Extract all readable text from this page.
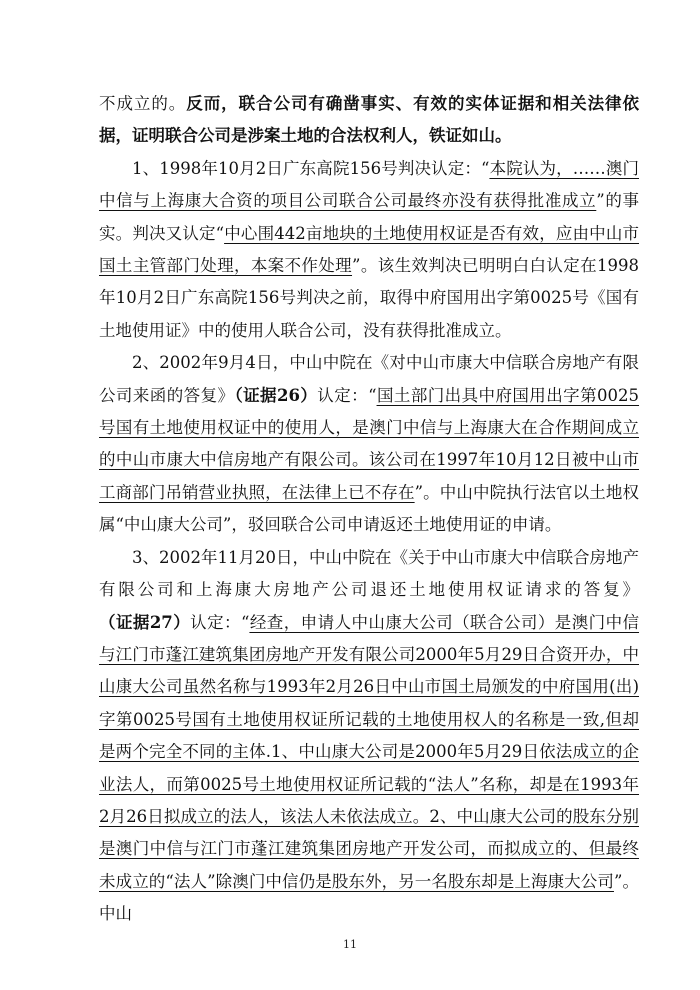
不成立的。反而，联合公司有确凿事实、有效的实体证据和相关法律依据，证明联合公司是涉案土地的合法权利人，铁证如山。

1、1998年10月2日广东高院156号判决认定：“本院认为，……澳门中信与上海康大合资的项目公司联合公司最终亦没有获得批准成立”的事实。判决又认定“中心围442亩地块的土地使用权证是否有效，应由中山市国土主管部门处理，本案不作处理”。该生效判决已明明白白认定在1998年10月2日广东高院156号判决之前，取得中府国用出字第0025号《国有土地使用证》中的使用人联合公司，没有获得批准成立。

2、2002年9月4日，中山中院在《对中山市康大中信联合房地产有限公司来函的答复》（证据26）认定：“国土部门出具中府国用出字第0025号国有土地使用权证中的使用人，是澳门中信与上海康大在合作期间成立的中山市康大中信房地产有限公司。该公司在1997年10月12日被中山市工商部门吊销营业执照，在法律上已不存在”。中山中院执行法官以土地权属“中山康大公司”，驳回联合公司申请返还土地使用证的申请。

3、2002年11月20日，中山中院在《关于中山市康大中信联合房地产有限公司和上海康大房地产公司退还土地使用权证请求的答复》（证据27）认定：“经查，申请人中山康大公司（联合公司）是澳门中信与江门市蓬江建筑集团房地产开发有限公司2000年5月29日合资开办，中山康大公司虽然名称与1993年2月26日中山市国土局颁发的中府国用(出)字第0025号国有土地使用权证所记载的土地使用权人的名称是一致,但却是两个完全不同的主体.1、中山康大公司是2000年5月29日依法成立的企业法人，而第0025号土地使用权证所记载的“法人”名称，却是在1993年2月26日拟成立的法人，该法人未依法成立。2、中山康大公司的股东分别是澳门中信与江门市蓬江建筑集团房地产开发公司，而拟成立的、但最终未成立的“法人”除澳门中信仍是股东外，另一名股东却是上海康大公司”。中山

11
